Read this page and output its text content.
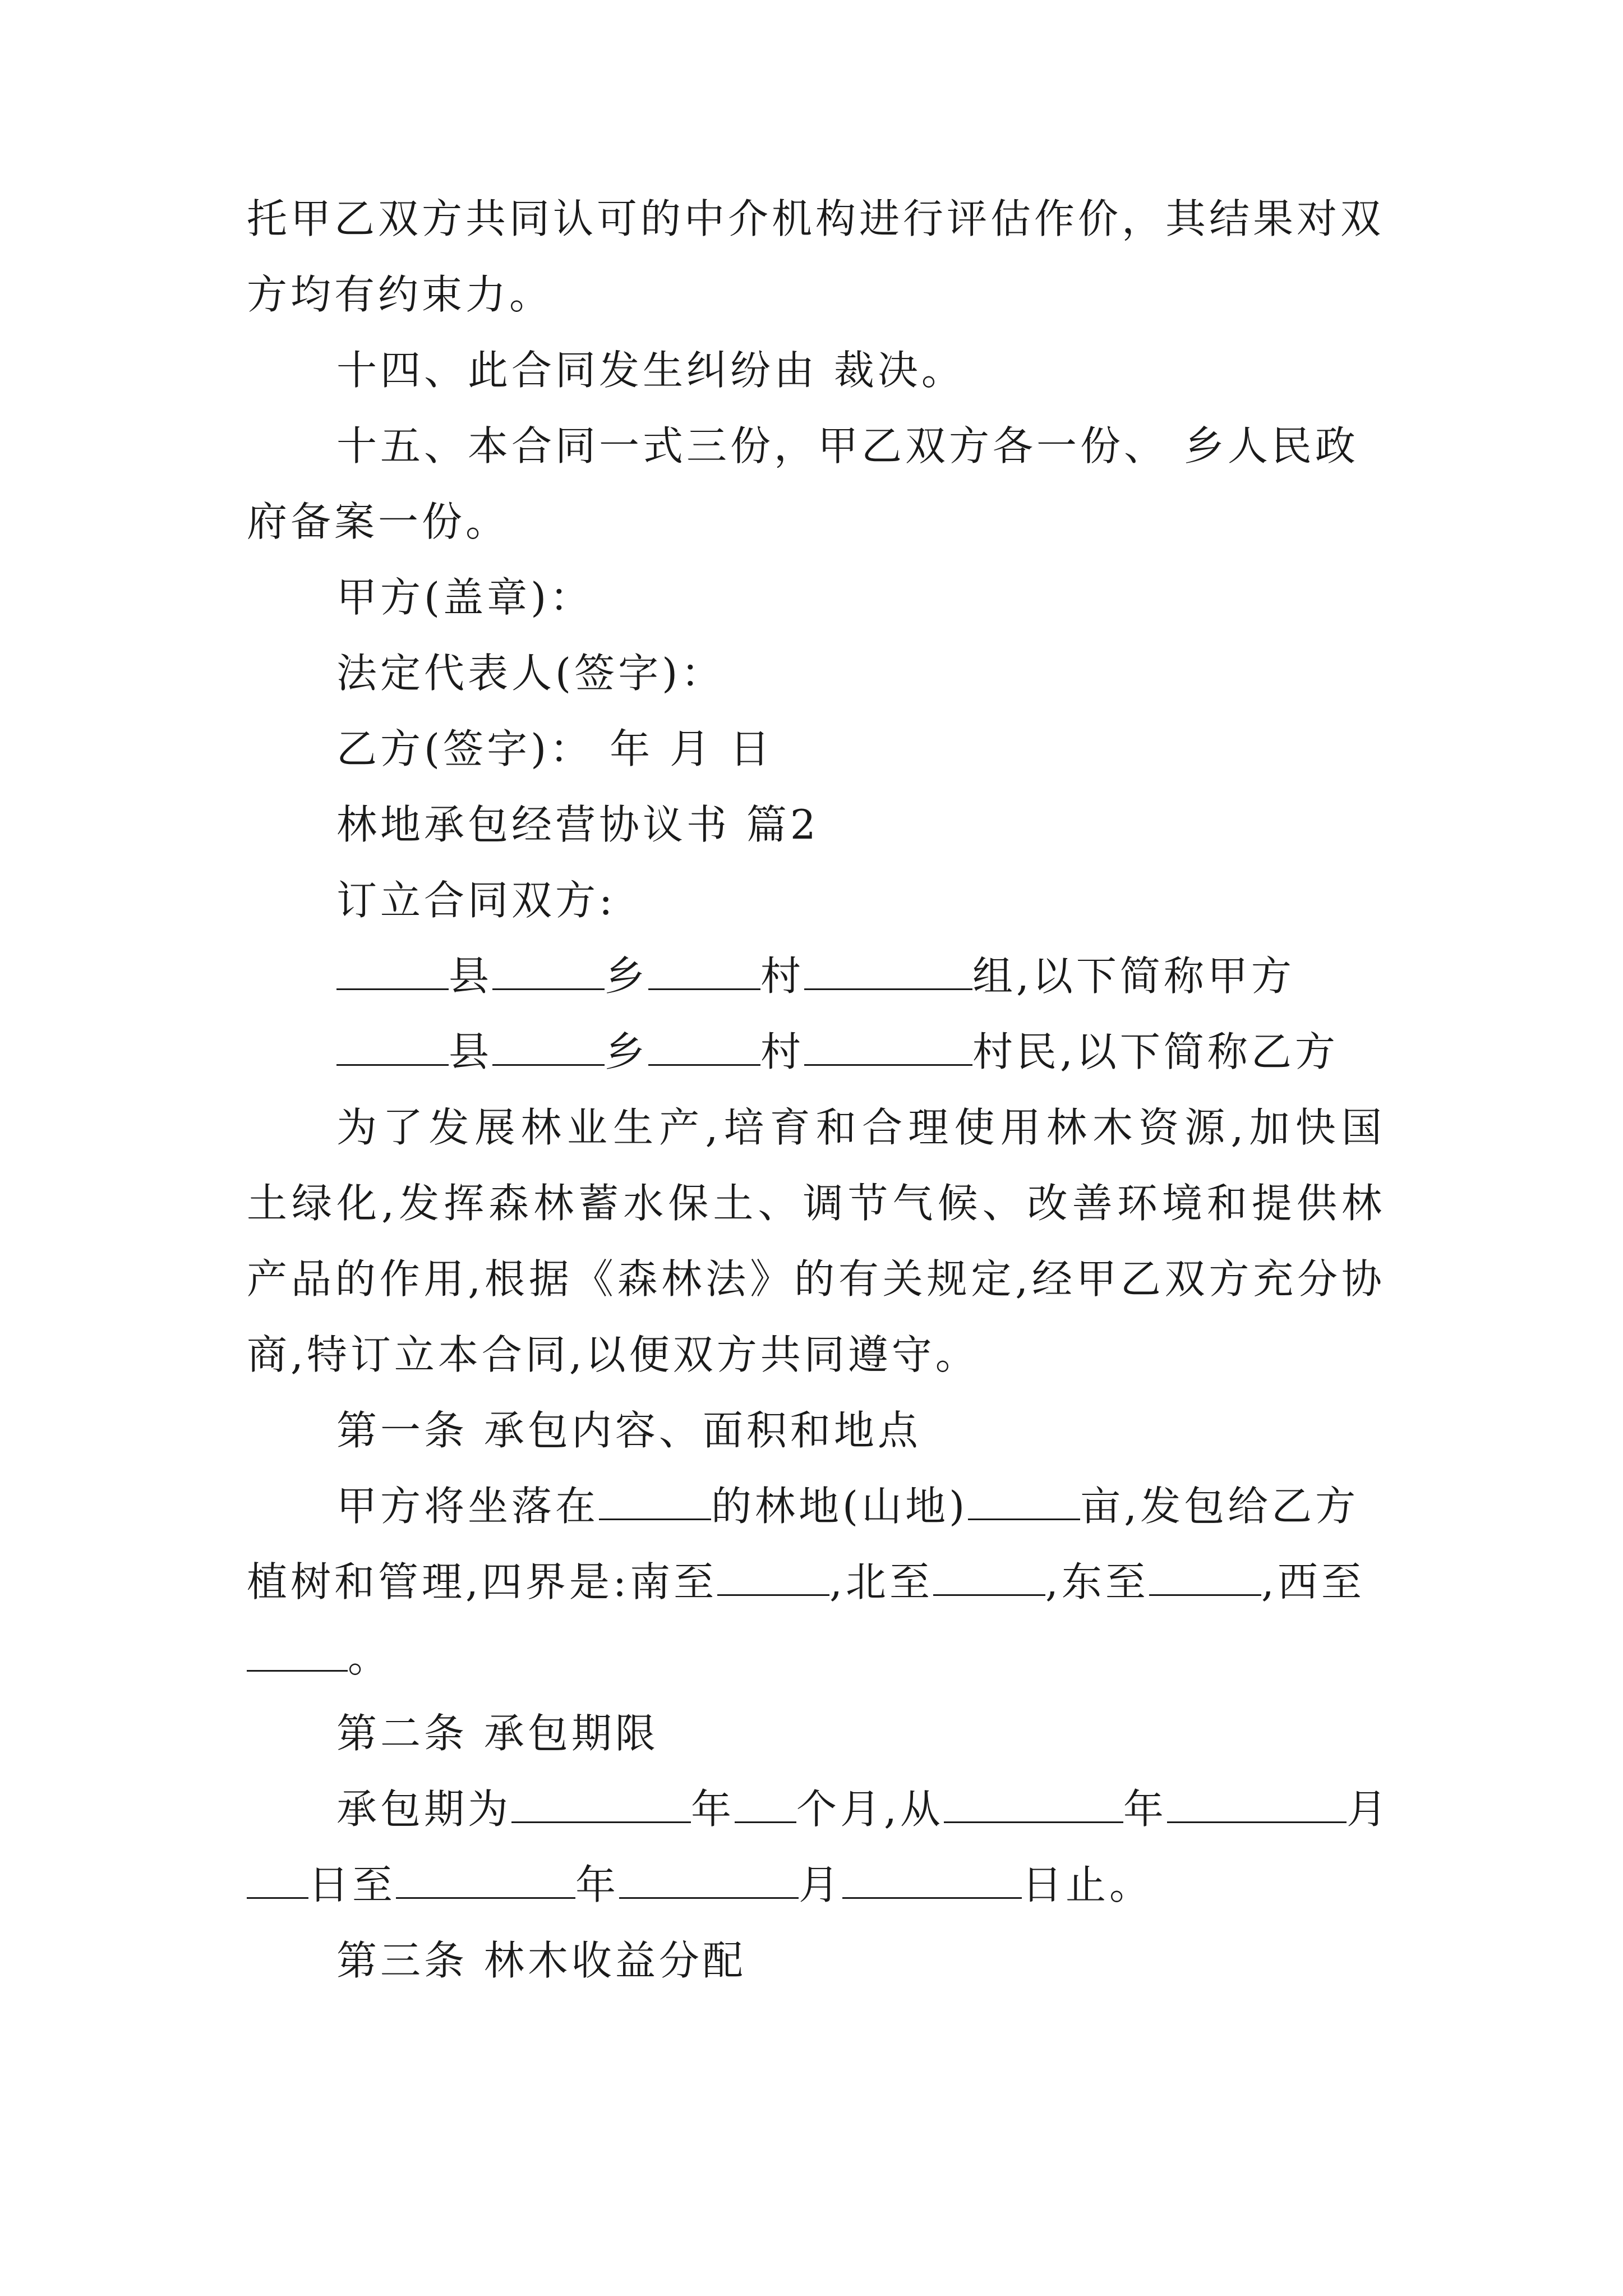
托甲乙双方共同认可的中介机构进行评估作价，其结果对双
方均有约束力。
十四、此合同发生纠纷由 裁决。
十五、本合同一式三份，甲乙双方各一份、 乡人民政
府备案一份。
甲方(盖章)：
法定代表人(签字)：
乙方(签字)： 年 月 日
林地承包经营协议书 篇2
订立合同双方:
县	乡	村	组,以下简称甲方
县	乡	村	村民,以下简称乙方
为了发展林业生产,培育和合理使用林木资源,加快国
土绿化,发挥森林蓄水保土、调节气候、改善环境和提供林
产品的作用,根据《森林法》的有关规定,经甲乙双方充分协
商,特订立本合同,以便双方共同遵守。
第一条 承包内容、面积和地点
甲方将坐落在	的林地(山地)	亩,发包给乙方
植树和管理,四界是:南至	,北至	,东至	,西至
。
第二条 承包期限
承包期为	年 个月,从	年	月
日至	年	月	日止。
第三条 林木收益分配
